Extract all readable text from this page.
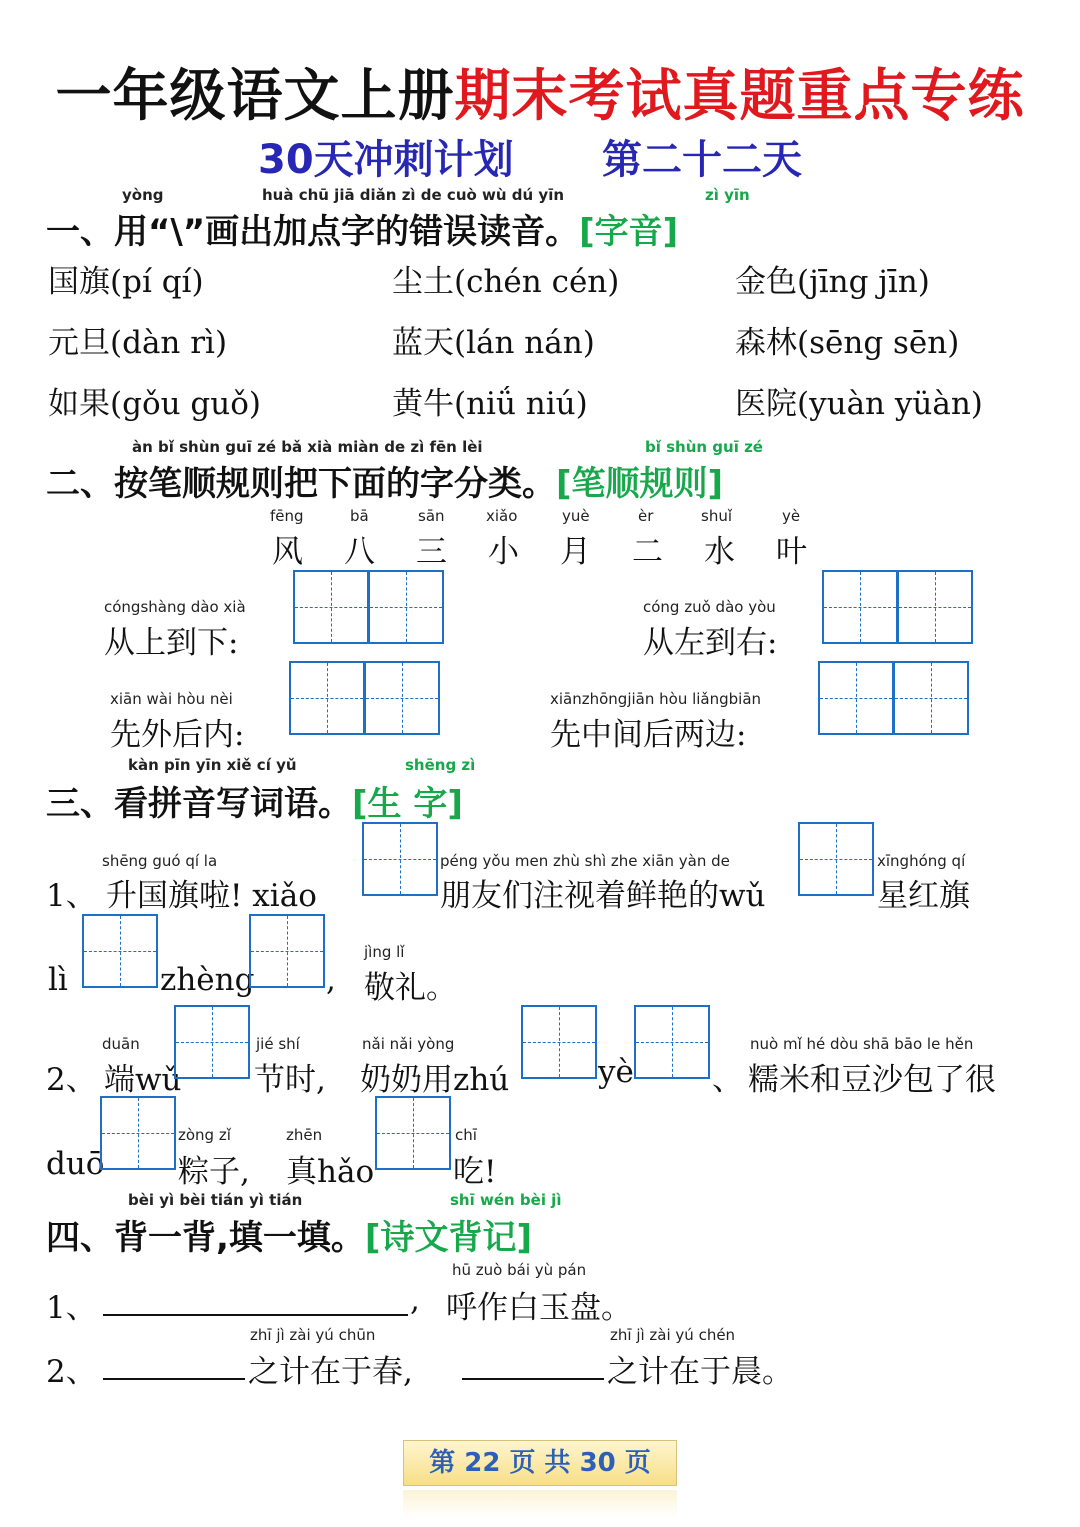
一年级语文上册期末考试真题重点专练
30天冲刺计划 第二十二天
yòng	huà chū jiā diǎn zì de cuò wù dú yīn	zì yīn
一、用“\”画出加点字的错误读音。[字音]
国旗(pí qí)	尘土(chén cén)	金色(jīng jīn)
元旦(dàn rì)	蓝天(lán nán)	森林(sēng sēn)
如果(gǒu guǒ)	黄牛(niǘ niú)	医院(yuàn yüàn)
àn bǐ shùn guī zé bǎ xià miàn de zì fēn lèi	bǐ shùn guī zé
二、按笔顺规则把下面的字分类。[笔顺规则]
fēng
风
bā
八
sān
三
xiǎo
小
yuè
月
èr
二
shuǐ
水
yè
叶
cóngshàng dào xià
从上到下:
cóng zuǒ dào yòu
从左到右:
xiān wài hòu nèi
先外后内:
xiānzhōngjiān hòu liǎngbiān
先中间后两边:
kàn pīn yīn xiě cí yǔ	shēng zì
三、看拼音写词语。[生 字]
shēng guó qí la
1、 升国旗啦! xiǎo
péng yǒu men zhù shì zhe xiān yàn de
朋友们注视着鲜艳的wǔ
xīnghóng qí
星红旗
lì	zhèng ,
jìng lǐ
敬礼。
2、
duān
端wǔ
jié shí
节时,
nǎi nǎi yòng
奶奶用zhú	yè	、
nuò mǐ hé dòu shā bāo le hěn
糯米和豆沙包了很
duō
zòng zǐ
粽子,
zhēn
真hǎo
chī
吃!
bèi yì bèi tián yì tián	shī wén bèi jì
四、背一背,填一填。[诗文背记]
1、	,
hū zuò bái yù pán
呼作白玉盘。
2、
zhī jì zài yú chūn
之计在于春,
zhī jì zài yú chén
之计在于晨。
第 22 页 共 30 页
